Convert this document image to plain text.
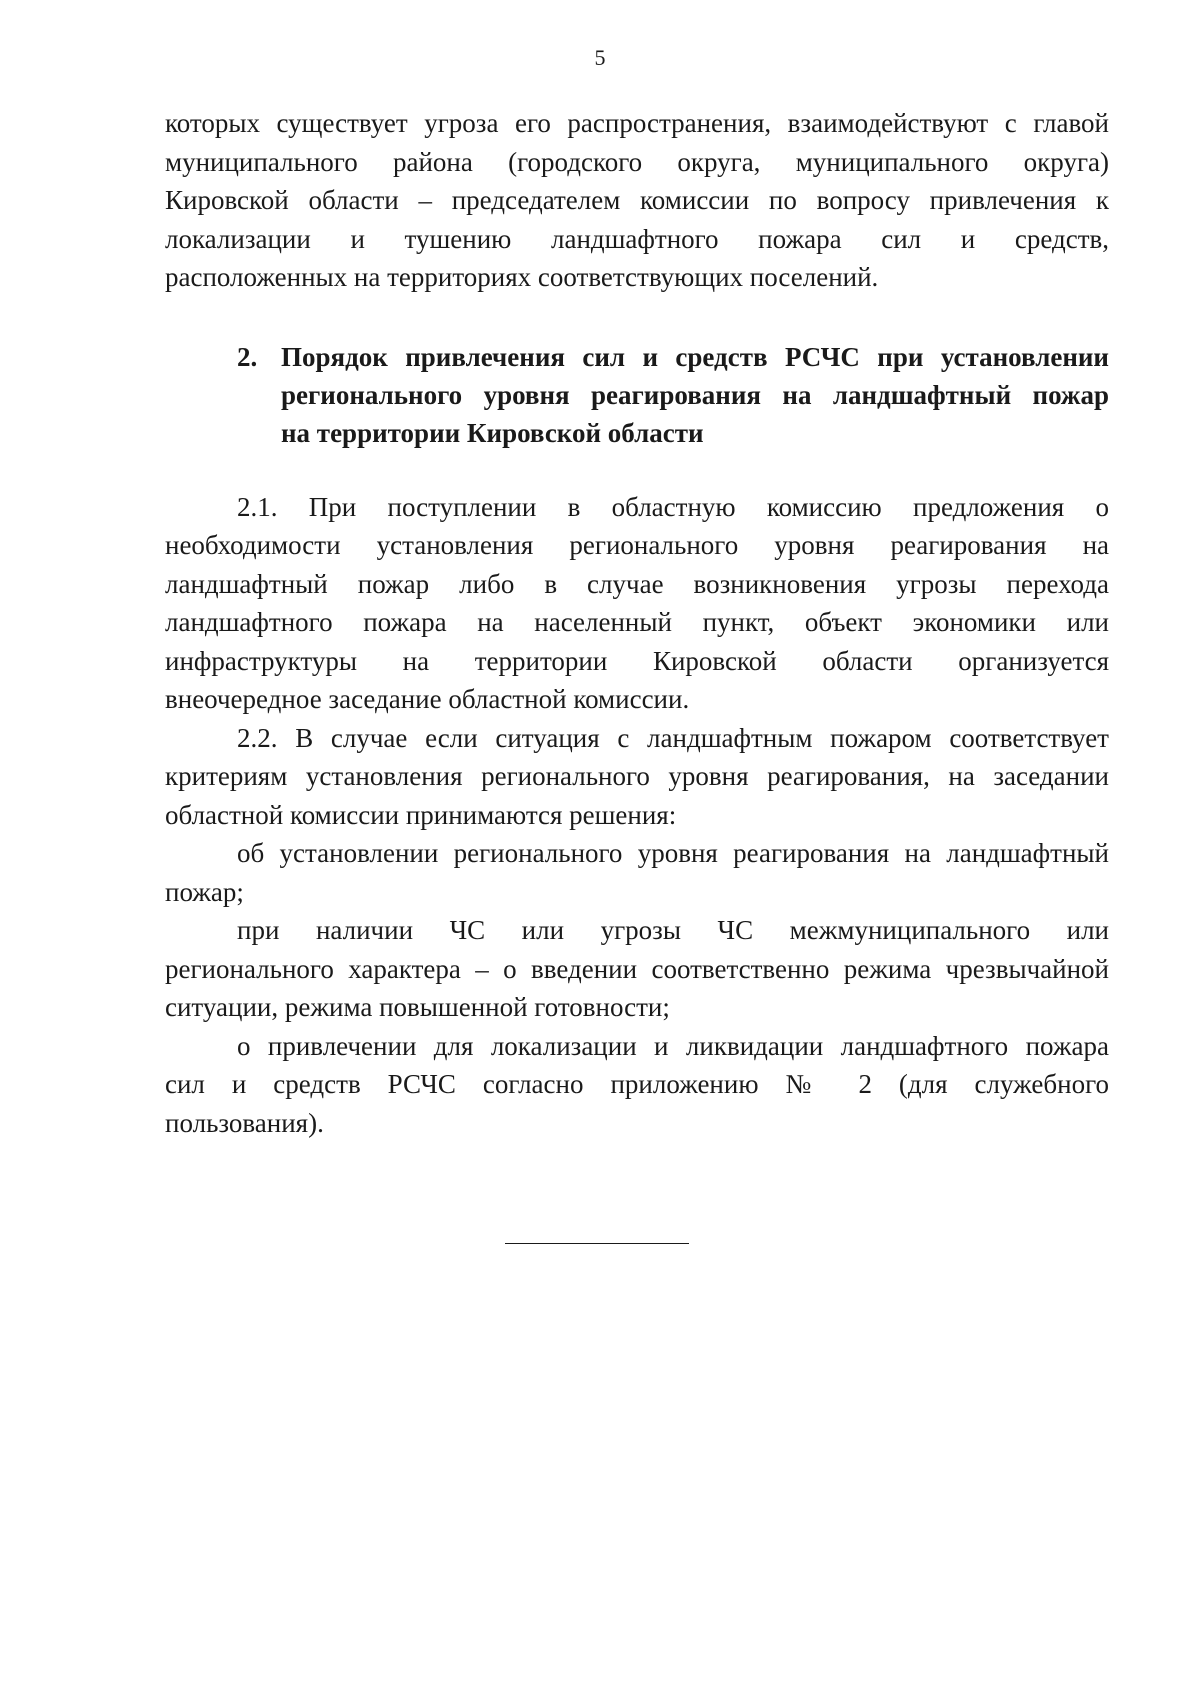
5
которых существует угроза его распространения, взаимодействуют с главой
муниципального района (городского округа, муниципального округа)
Кировской области – председателем комиссии по вопросу привлечения к
локализации и тушению ландшафтного пожара сил и средств,
расположенных на территориях соответствующих поселений.
2. Порядок привлечения сил и средств РСЧС при установлении
регионального уровня реагирования на ландшафтный пожар
на территории Кировской области
2.1. При поступлении в областную комиссию предложения о
необходимости установления регионального уровня реагирования на
ландшафтный пожар либо в случае возникновения угрозы перехода
ландшафтного пожара на населенный пункт, объект экономики или
инфраструктуры на территории Кировской области организуется
внеочередное заседание областной комиссии.
2.2. В случае если ситуация с ландшафтным пожаром соответствует
критериям установления регионального уровня реагирования, на заседании
областной комиссии принимаются решения:
об установлении регионального уровня реагирования на ландшафтный
пожар;
при наличии ЧС или угрозы ЧС межмуниципального или
регионального характера – о введении соответственно режима чрезвычайной
ситуации, режима повышенной готовности;
о привлечении для локализации и ликвидации ландшафтного пожара
сил и средств РСЧС согласно приложению № 2 (для служебного
пользования).
